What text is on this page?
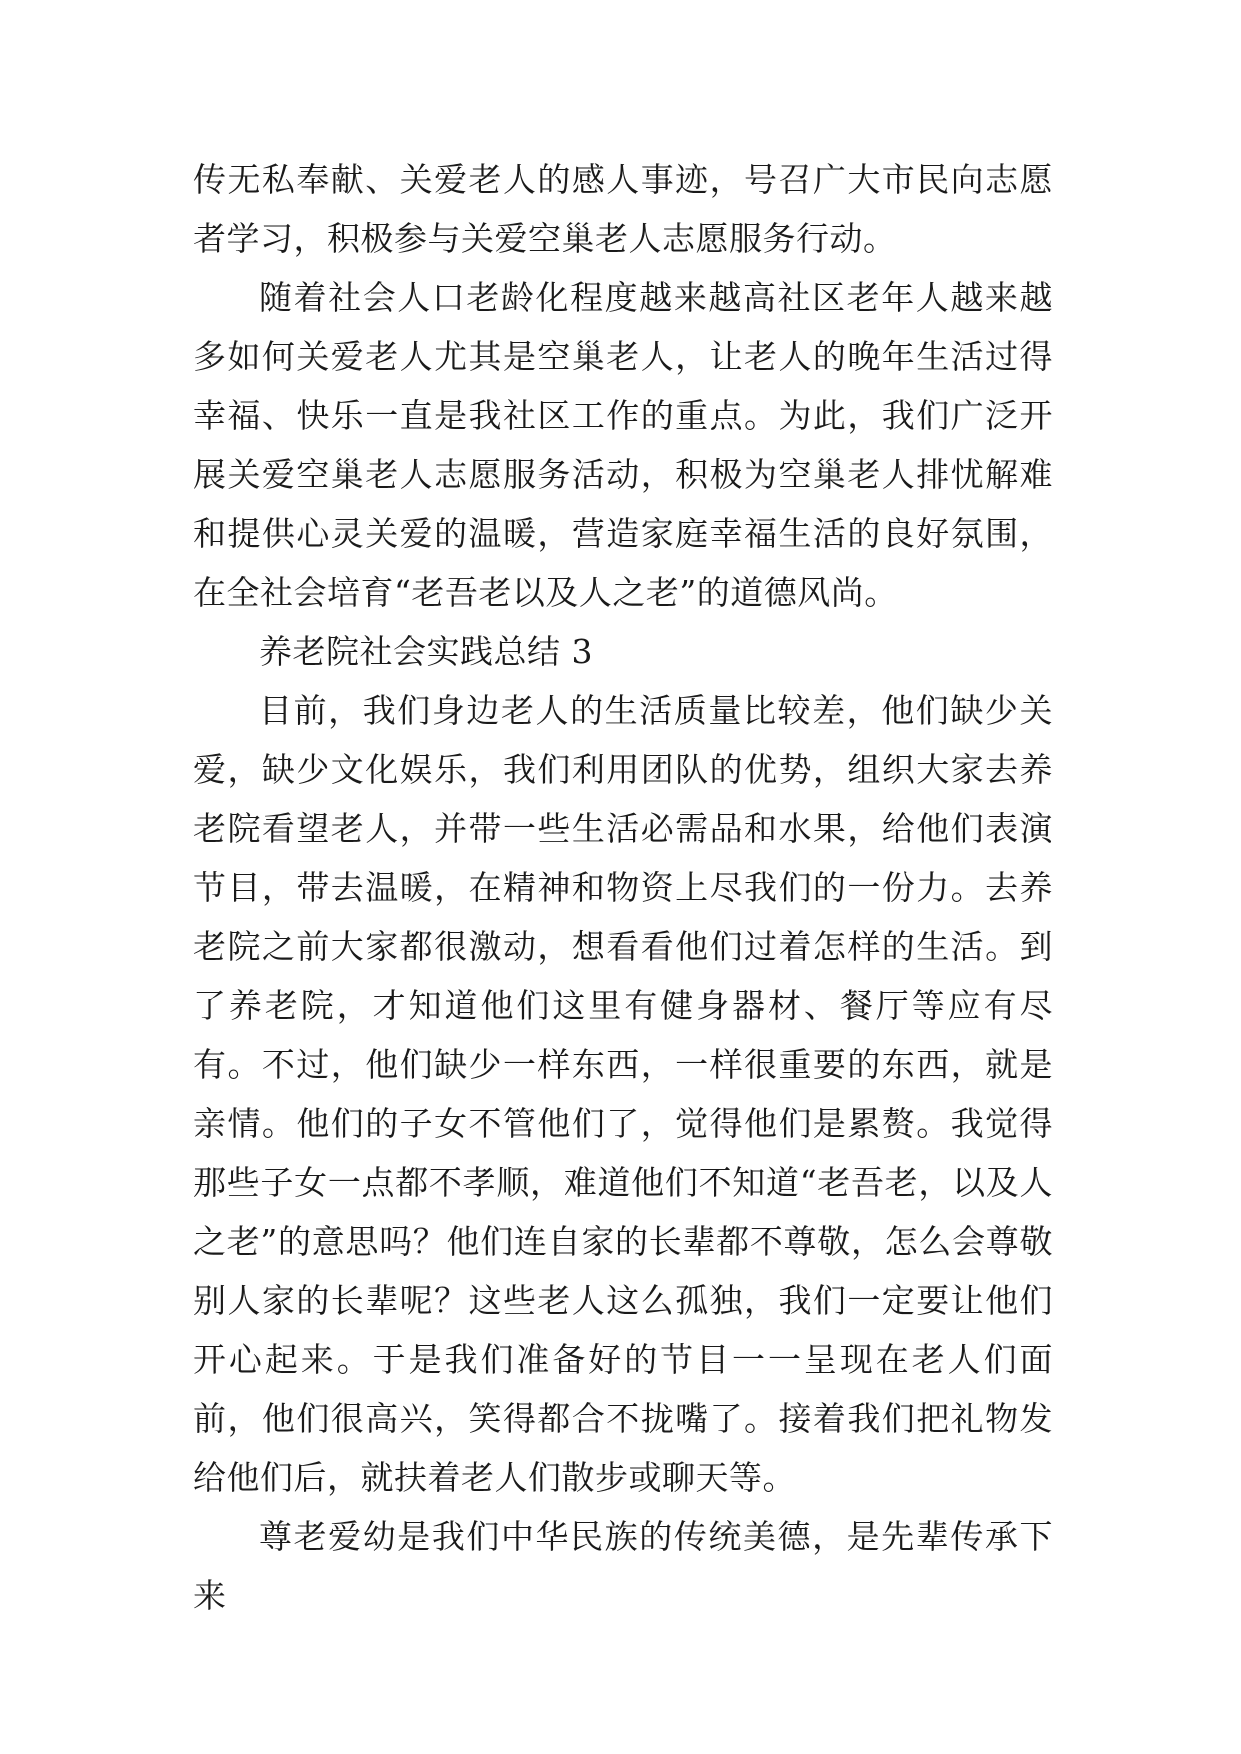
传无私奉献、关爱老人的感人事迹，号召广大市民向志愿者学习，积极参与关爱空巢老人志愿服务行动。

随着社会人口老龄化程度越来越高社区老年人越来越多如何关爱老人尤其是空巢老人，让老人的晚年生活过得幸福、快乐一直是我社区工作的重点。为此，我们广泛开展关爱空巢老人志愿服务活动，积极为空巢老人排忧解难和提供心灵关爱的温暖，营造家庭幸福生活的良好氛围，在全社会培育“老吾老以及人之老”的道德风尚。

养老院社会实践总结 3

目前，我们身边老人的生活质量比较差，他们缺少关爱，缺少文化娱乐，我们利用团队的优势，组织大家去养老院看望老人，并带一些生活必需品和水果，给他们表演节目，带去温暖，在精神和物资上尽我们的一份力。去养老院之前大家都很激动，想看看他们过着怎样的生活。到了养老院，才知道他们这里有健身器材、餐厅等应有尽有。不过，他们缺少一样东西，一样很重要的东西，就是亲情。他们的子女不管他们了，觉得他们是累赘。我觉得那些子女一点都不孝顺，难道他们不知道“老吾老，以及人之老”的意思吗？他们连自家的长辈都不尊敬，怎么会尊敬别人家的长辈呢？这些老人这么孤独，我们一定要让他们开心起来。于是我们准备好的节目一一呈现在老人们面前，他们很高兴，笑得都合不拢嘴了。接着我们把礼物发给他们后，就扶着老人们散步或聊天等。

尊老爱幼是我们中华民族的传统美德，是先辈传承下来
